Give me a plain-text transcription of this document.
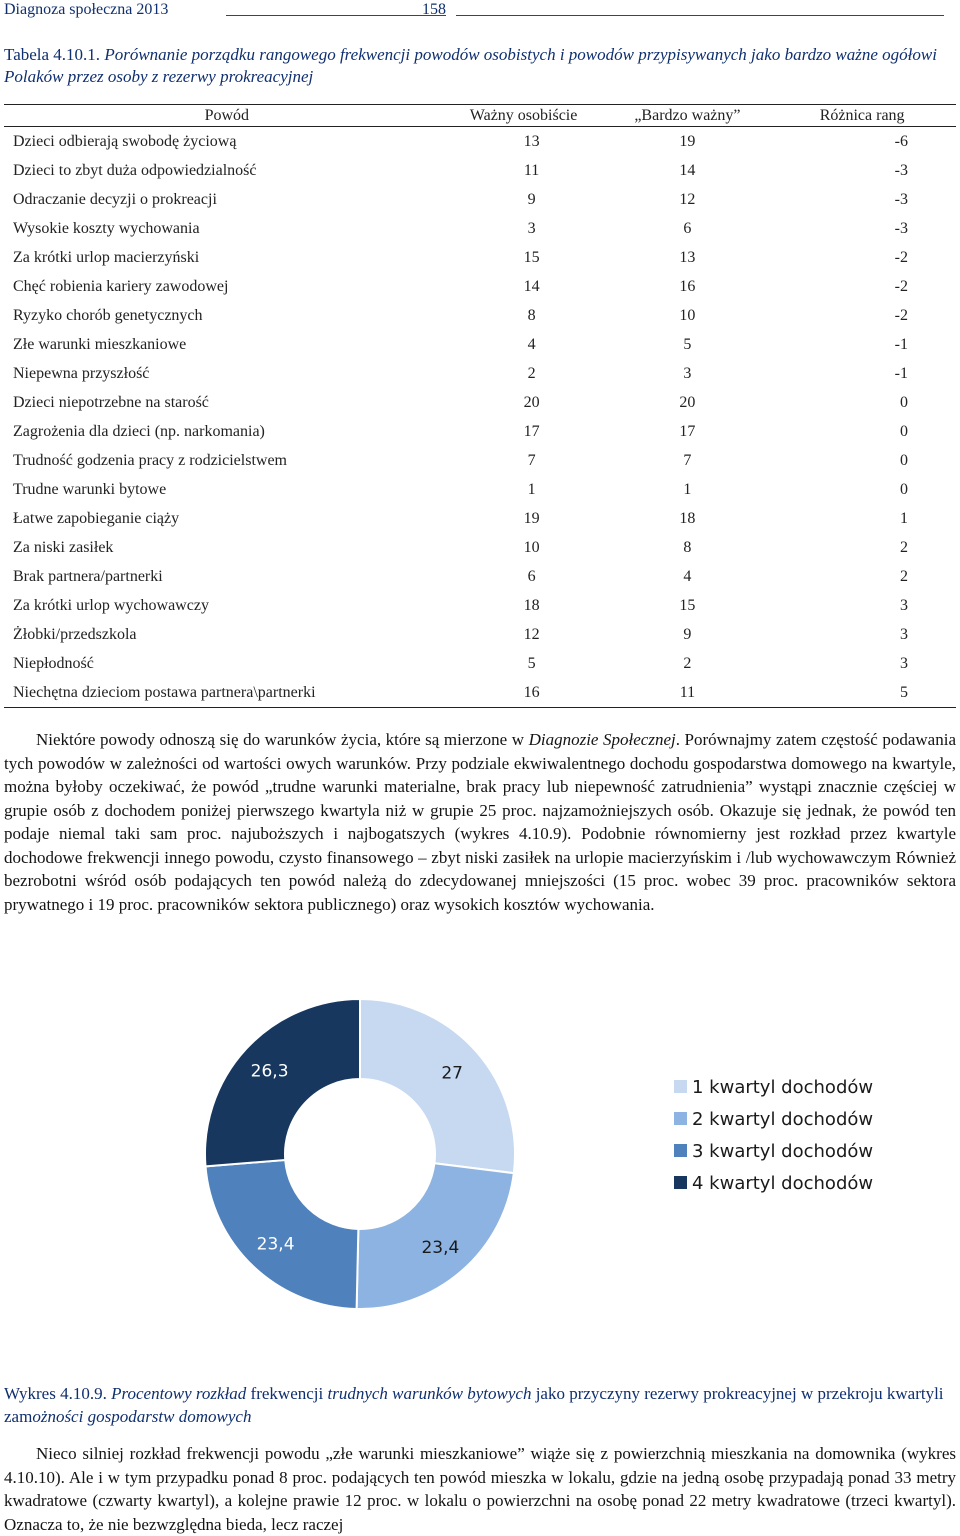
Diagnoza społeczna 2013	158
Tabela 4.10.1. Porównanie porządku rangowego frekwencji powodów osobistych i powodów przypisywanych jako bardzo ważne ogółowi Polaków przez osoby z rezerwy prokreacyjnej
Powód	Ważny osobiście	„Bardzo ważny”	Różnica rang
Dzieci odbierają swobodę życiową	13	19	-6
Dzieci to zbyt duża odpowiedzialność	11	14	-3
Odraczanie decyzji o prokreacji	9	12	-3
Wysokie koszty wychowania	3	6	-3
Za krótki urlop macierzyński	15	13	-2
Chęć robienia kariery zawodowej	14	16	-2
Ryzyko chorób genetycznych	8	10	-2
Złe warunki mieszkaniowe	4	5	-1
Niepewna przyszłość	2	3	-1
Dzieci niepotrzebne na starość	20	20	0
Zagrożenia dla dzieci (np. narkomania)	17	17	0
Trudność godzenia pracy z rodzicielstwem	7	7	0
Trudne warunki bytowe	1	1	0
Łatwe zapobieganie ciąży	19	18	1
Za niski zasiłek	10	8	2
Brak partnera/partnerki	6	4	2
Za krótki urlop wychowawczy	18	15	3
Żłobki/przedszkola	12	9	3
Niepłodność	5	2	3
Niechętna dzieciom postawa partnera\partnerki	16	11	5

Niektóre powody odnoszą się do warunków życia, które są mierzone w Diagnozie Społecznej. Porównajmy zatem częstość podawania tych powodów w zależności od wartości owych warunków. Przy podziale ekwiwalentnego dochodu gospodarstwa domowego na kwartyle, można byłoby oczekiwać, że powód „trudne warunki materialne, brak pracy lub niepewność zatrudnienia” wystąpi znacznie częściej w grupie osób z dochodem poniżej pierwszego kwartyla niż w grupie 25 proc. najzamożniejszych osób. Okazuje się jednak, że powód ten podaje niemal taki sam proc. najuboższych i najbogatszych (wykres 4.10.9). Podobnie równomierny jest rozkład przez kwartyle dochodowe frekwencji innego powodu, czysto finansowego – zbyt niski zasiłek na urlopie macierzyńskim i /lub wychowawczym Również bezrobotni wśród osób podających ten powód należą do zdecydowanej mniejszości (15 proc. wobec 39 proc. pracowników sektora prywatnego i 19 proc. pracowników sektora publicznego) oraz wysokich kosztów wychowania.

27
23,4
23,4
26,3
1 kwartyl dochodów
2 kwartyl dochodów
3 kwartyl dochodów
4 kwartyl dochodów
Wykres 4.10.9. Procentowy rozkład frekwencji trudnych warunków bytowych jako przyczyny rezerwy prokreacyjnej w przekroju kwartyli zamożności gospodarstw domowych

Nieco silniej rozkład frekwencji powodu „złe warunki mieszkaniowe” wiąże się z powierzchnią mieszkania na domownika (wykres 4.10.10). Ale i w tym przypadku ponad 8 proc. podających ten powód mieszka w lokalu, gdzie na jedną osobę przypadają ponad 33 metry kwadratowe (czwarty kwartyl), a kolejne prawie 12 proc. w lokalu o powierzchni na osobę ponad 22 metry kwadratowe (trzeci kwartyl). Oznacza to, że nie bezwzględna bieda, lecz raczej
